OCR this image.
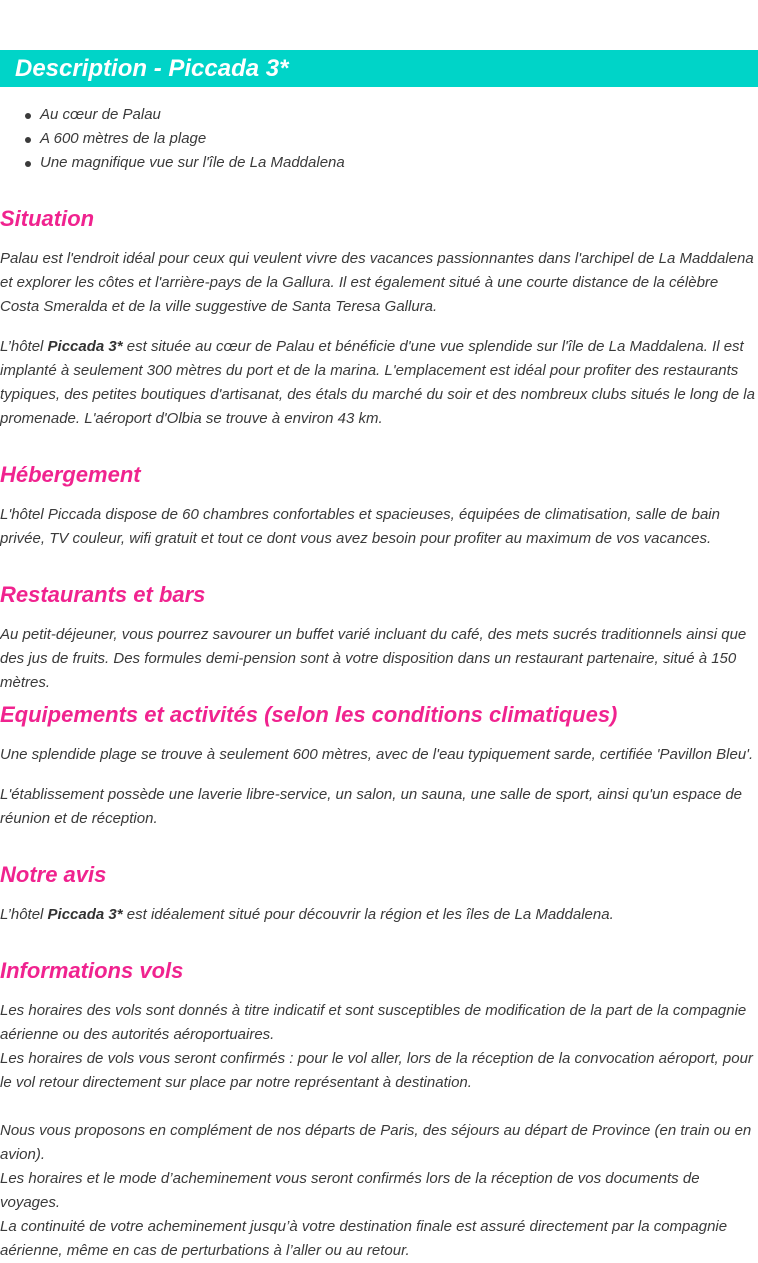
Description - Piccada 3*
Au cœur de Palau
A 600 mètres de la plage
Une magnifique vue sur l'île de La Maddalena
Situation

Palau est l'endroit idéal pour ceux qui veulent vivre des vacances passionnantes dans l'archipel de La Maddalena et explorer les côtes et l'arrière-pays de la Gallura. Il est également situé à une courte distance de la célèbre Costa Smeralda et de la ville suggestive de Santa Teresa Gallura.

L’hôtel Piccada 3* est située au cœur de Palau et bénéficie d'une vue splendide sur l'île de La Maddalena. Il est implanté à seulement 300 mètres du port et de la marina. L'emplacement est idéal pour profiter des restaurants typiques, des petites boutiques d'artisanat, des étals du marché du soir et des nombreux clubs situés le long de la promenade. L'aéroport d'Olbia se trouve à environ 43 km.

Hébergement

L'hôtel Piccada dispose de 60 chambres confortables et spacieuses, équipées de climatisation, salle de bain privée, TV couleur, wifi gratuit et tout ce dont vous avez besoin pour profiter au maximum de vos vacances.

Restaurants et bars

Au petit-déjeuner, vous pourrez savourer un buffet varié incluant du café, des mets sucrés traditionnels ainsi que des jus de fruits. Des formules demi-pension sont à votre disposition dans un restaurant partenaire, situé à 150 mètres.

Equipements et activités (selon les conditions climatiques)

Une splendide plage se trouve à seulement 600 mètres, avec de l'eau typiquement sarde, certifiée 'Pavillon Bleu'.

L'établissement possède une laverie libre-service, un salon, un sauna, une salle de sport, ainsi qu'un espace de réunion et de réception.

Notre avis

L’hôtel Piccada 3* est idéalement situé pour découvrir la région et les îles de La Maddalena.

Informations vols

Les horaires des vols sont donnés à titre indicatif et sont susceptibles de modification de la part de la compagnie aérienne ou des autorités aéroportuaires.

Les horaires de vols vous seront confirmés : pour le vol aller, lors de la réception de la convocation aéroport, pour le vol retour directement sur place par notre représentant à destination.

Nous vous proposons en complément de nos départs de Paris, des séjours au départ de Province (en train ou en avion).

Les horaires et le mode d’acheminement vous seront confirmés lors de la réception de vos documents de voyages.

La continuité de votre acheminement jusqu’à votre destination finale est assuré directement par la compagnie aérienne, même en cas de perturbations à l’aller ou au retour.
